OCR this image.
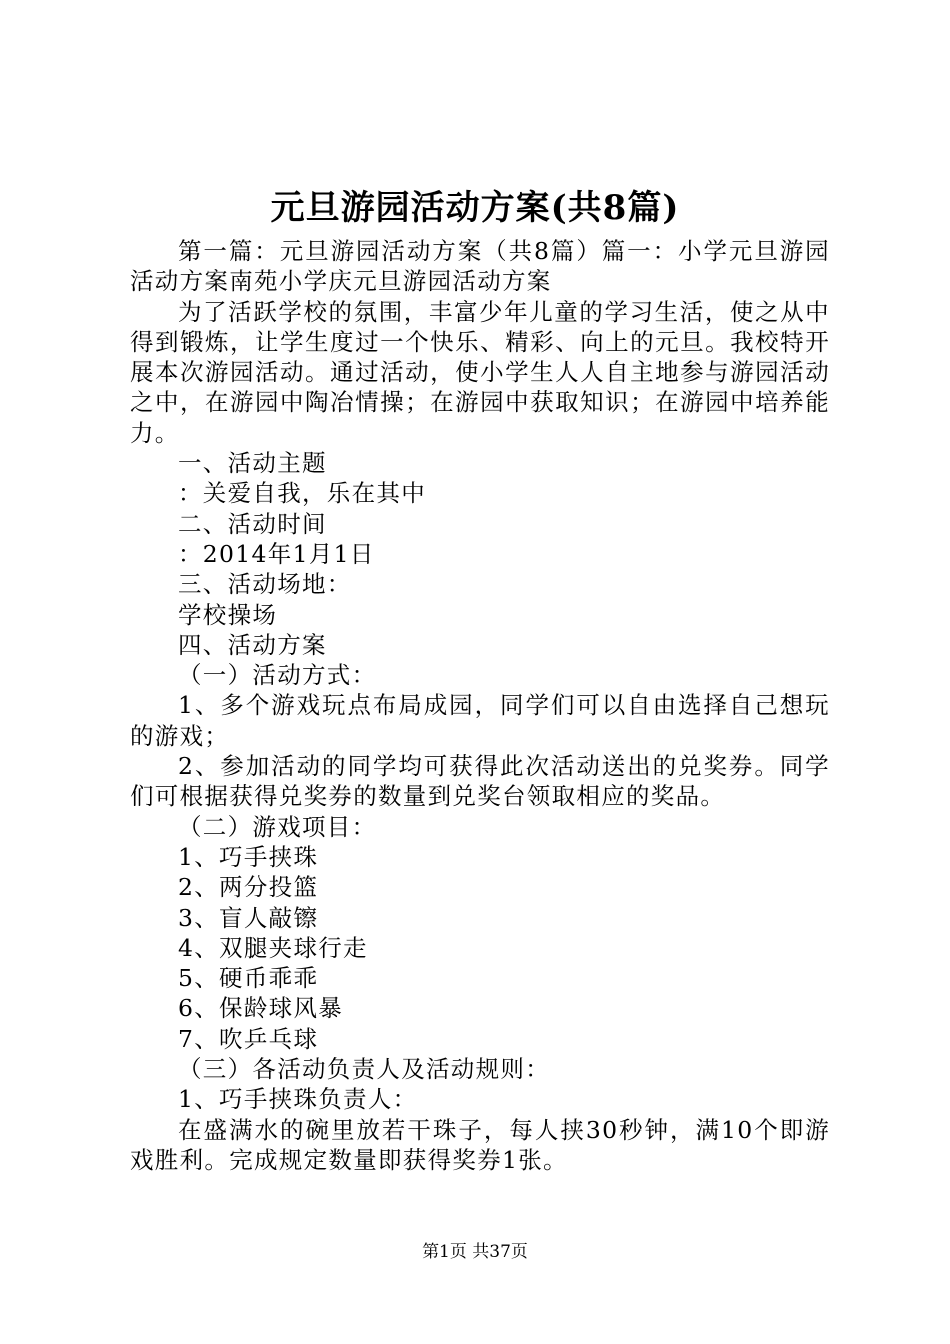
元旦游园活动方案(共8篇)

第一篇：元旦游园活动方案（共8篇）篇一：小学元旦游园活动方案南苑小学庆元旦游园活动方案

为了活跃学校的氛围，丰富少年儿童的学习生活，使之从中得到锻炼，让学生度过一个快乐、精彩、向上的元旦。我校特开展本次游园活动。通过活动，使小学生人人自主地参与游园活动之中，在游园中陶冶情操；在游园中获取知识；在游园中培养能力。

一、活动主题

：关爱自我，乐在其中

二、活动时间

：2014年1月1日

三、活动场地：

学校操场

四、活动方案

（一）活动方式：

1、多个游戏玩点布局成园，同学们可以自由选择自己想玩的游戏；

2、参加活动的同学均可获得此次活动送出的兑奖券。同学们可根据获得兑奖券的数量到兑奖台领取相应的奖品。

（二）游戏项目：

1、巧手挟珠

2、两分投篮

3、盲人敲镲

4、双腿夹球行走

5、硬币乖乖

6、保龄球风暴

7、吹乒乓球

（三）各活动负责人及活动规则：

1、巧手挟珠负责人：

在盛满水的碗里放若干珠子，每人挟30秒钟，满10个即游戏胜利。完成规定数量即获得奖券1张。

第1页 共37页
